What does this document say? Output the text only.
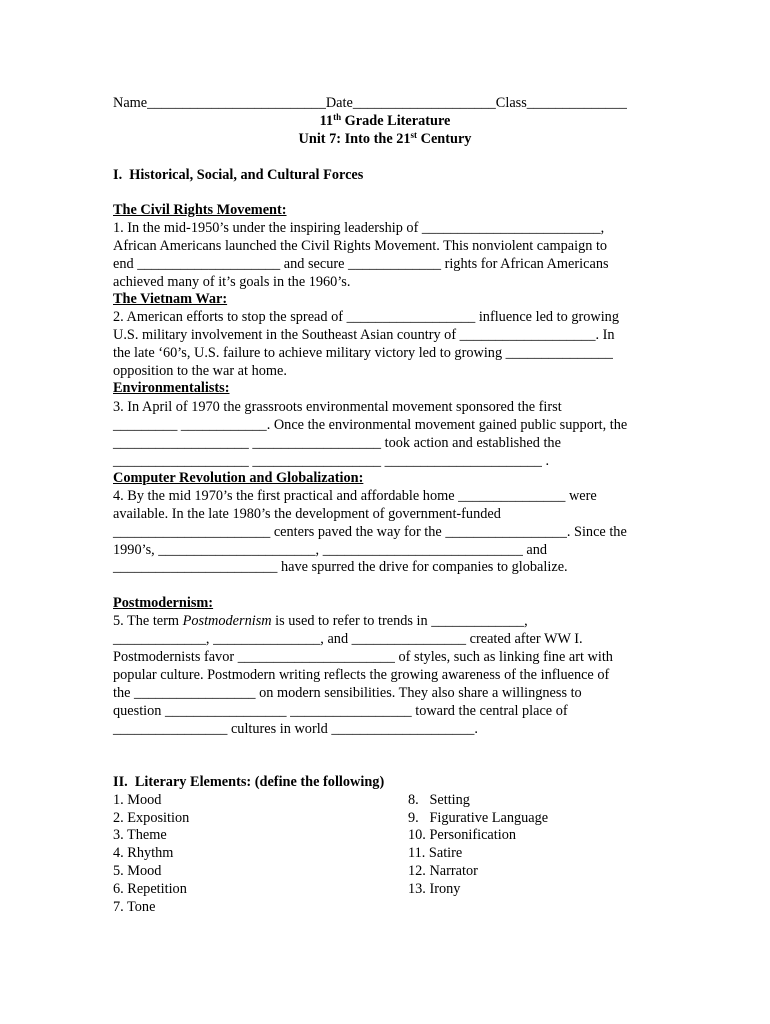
Name_________________________Date____________________Class______________
11th Grade Literature
Unit 7: Into the 21st Century
I.  Historical, Social, and Cultural Forces
The Civil Rights Movement:
1. In the mid-1950’s under the inspiring leadership of _________________________,
African Americans launched the Civil Rights Movement. This nonviolent campaign to
end ____________________ and secure _____________ rights for African Americans
achieved many of it’s goals in the 1960’s.
The Vietnam War:
2. American efforts to stop the spread of __________________ influence led to growing
U.S. military involvement in the Southeast Asian country of ___________________. In
the late ‘60’s, U.S. failure to achieve military victory led to growing _______________
opposition to the war at home.
Environmentalists:
3. In April of 1970 the grassroots environmental movement sponsored the first
_________ ____________. Once the environmental movement gained public support, the
___________________ __________________ took action and established the
___________________ __________________ ______________________ .
Computer Revolution and Globalization:
4. By the mid 1970’s the first practical and affordable home _______________ were
available. In the late 1980’s the development of government-funded
______________________ centers paved the way for the _________________. Since the
1990’s, ______________________, ____________________________ and
_______________________ have spurred the drive for companies to globalize.
Postmodernism:
5. The term Postmodernism is used to refer to trends in _____________,
_____________, _______________, and ________________ created after WW I.
Postmodernists favor ______________________ of styles, such as linking fine art with
popular culture. Postmodern writing reflects the growing awareness of the influence of
the _________________ on modern sensibilities. They also share a willingness to
question _________________ _________________ toward the central place of
________________ cultures in world ____________________.
II.  Literary Elements: (define the following)
1. Mood
2. Exposition
3. Theme
4. Rhythm
5. Mood
6. Repetition
7. Tone
8.   Setting
9.   Figurative Language
10. Personification
11. Satire
12. Narrator
13. Irony
